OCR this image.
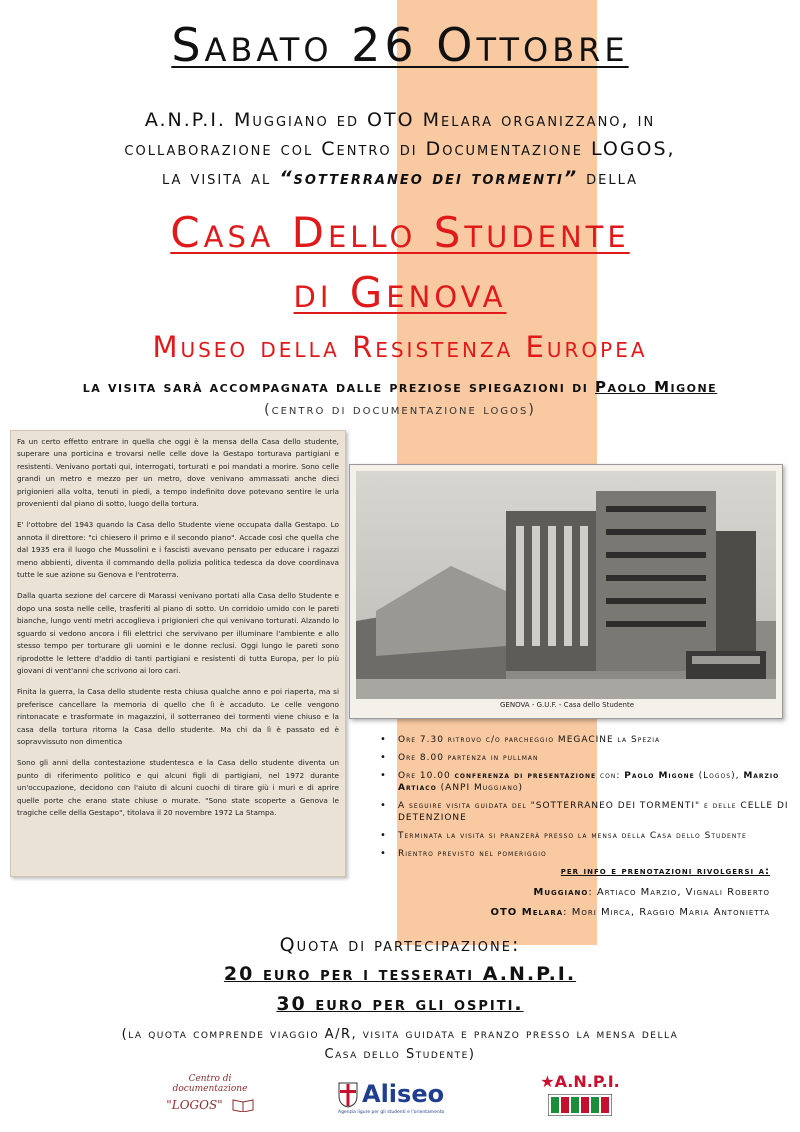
Sabato 26 Ottobre
A.N.P.I. Muggiano ed OTO Melara organizzano, in
collaborazione col Centro di Documentazione LOGOS,
la visita al “sotterraneo dei tormenti” della
Casa Dello Studente
di Genova
Museo della Resistenza Europea
la visita sarà accompagnata dalle preziose spiegazioni di Paolo Migone
(centro di documentazione logos)

Fa un certo effetto entrare in quella che oggi è la mensa della Casa dello studente, superare una porticina e trovarsi nelle celle dove la Gestapo torturava partigiani e resistenti. Venivano portati qui, interrogati, torturati e poi mandati a morire. Sono celle grandi un metro e mezzo per un metro, dove venivano ammassati anche dieci prigionieri alla volta, tenuti in piedi, a tempo indefinito dove potevano sentire le urla provenienti dal piano di sotto, luogo della tortura.

E' l'ottobre del 1943 quando la Casa dello Studente viene occupata dalla Gestapo. Lo annota il direttore: "ci chiesero il primo e il secondo piano". Accade così che quella che dal 1935 era il luogo che Mussolini e i fascisti avevano pensato per educare i ragazzi meno abbienti, diventa il commando della polizia politica tedesca da dove coordinava tutte le sue azione su Genova e l'entroterra.

Dalla quarta sezione del carcere di Marassi venivano portati alla Casa dello Studente e dopo una sosta nelle celle, trasferiti al piano di sotto. Un corridoio umido con le pareti bianche, lungo venti metri accoglieva i prigionieri che qui venivano torturati. Alzando lo sguardo si vedono ancora i fili elettrici che servivano per illuminare l'ambiente e allo stesso tempo per torturare gli uomini e le donne reclusi. Oggi lungo le pareti sono riprodotte le lettere d'addio di tanti partigiani e resistenti di tutta Europa, per lo più giovani di vent'anni che scrivono ai loro cari.

Finita la guerra, la Casa dello studente resta chiusa qualche anno e poi riaperta, ma si preferisce cancellare la memoria di quello che lì è accaduto. Le celle vengono rintonacate e trasformate in magazzini, il sotterraneo dei tormenti viene chiuso e la casa della tortura ritorna la Casa dello studente. Ma chi da lì è passato ed è sopravvissuto non dimentica

Sono gli anni della contestazione studentesca e la Casa dello studente diventa un punto di riferimento politico e qui alcuni figli di partigiani, nel 1972 durante un'occupazione, decidono con l'aiuto di alcuni cuochi di tirare giù i muri e di aprire quelle porte che erano state chiuse o murate. "Sono state scoperte a Genova le tragiche celle della Gestapo", titolava il 20 novembre 1972 La Stampa.

GENOVA - G.U.F. - Casa dello Studente
• Ore 7.30 ritrovo c/o parcheggio MEGACINE la Spezia
• Ore 8.00 partenza in pullman
• Ore 10.00 conferenza di presentazione con: Paolo Migone (Logos), Marzio Artiaco (ANPI Muggiano)
• A seguire visita guidata del "SOTTERRANEO DEI TORMENTI" e delle CELLE DI DETENZIONE
• Terminata la visita si pranzerà presso la mensa della Casa dello Studente
• Rientro previsto nel pomeriggio
per info e prenotazioni rivolgersi a:
Muggiano: Artiaco Marzio, Vignali Roberto
OTO Melara: Mori Mirca, Raggio Maria Antonietta
Quota di partecipazione:
20 euro per i tesserati A.N.P.I.
30 euro per gli ospiti.
(la quota comprende viaggio A/R, visita guidata e pranzo presso la mensa della
Casa dello Studente)
Centro di documentazione
"LOGOS"	Aliseo
Agenzia ligure per gli studenti e l'orientamento
★A.N.P.I.
